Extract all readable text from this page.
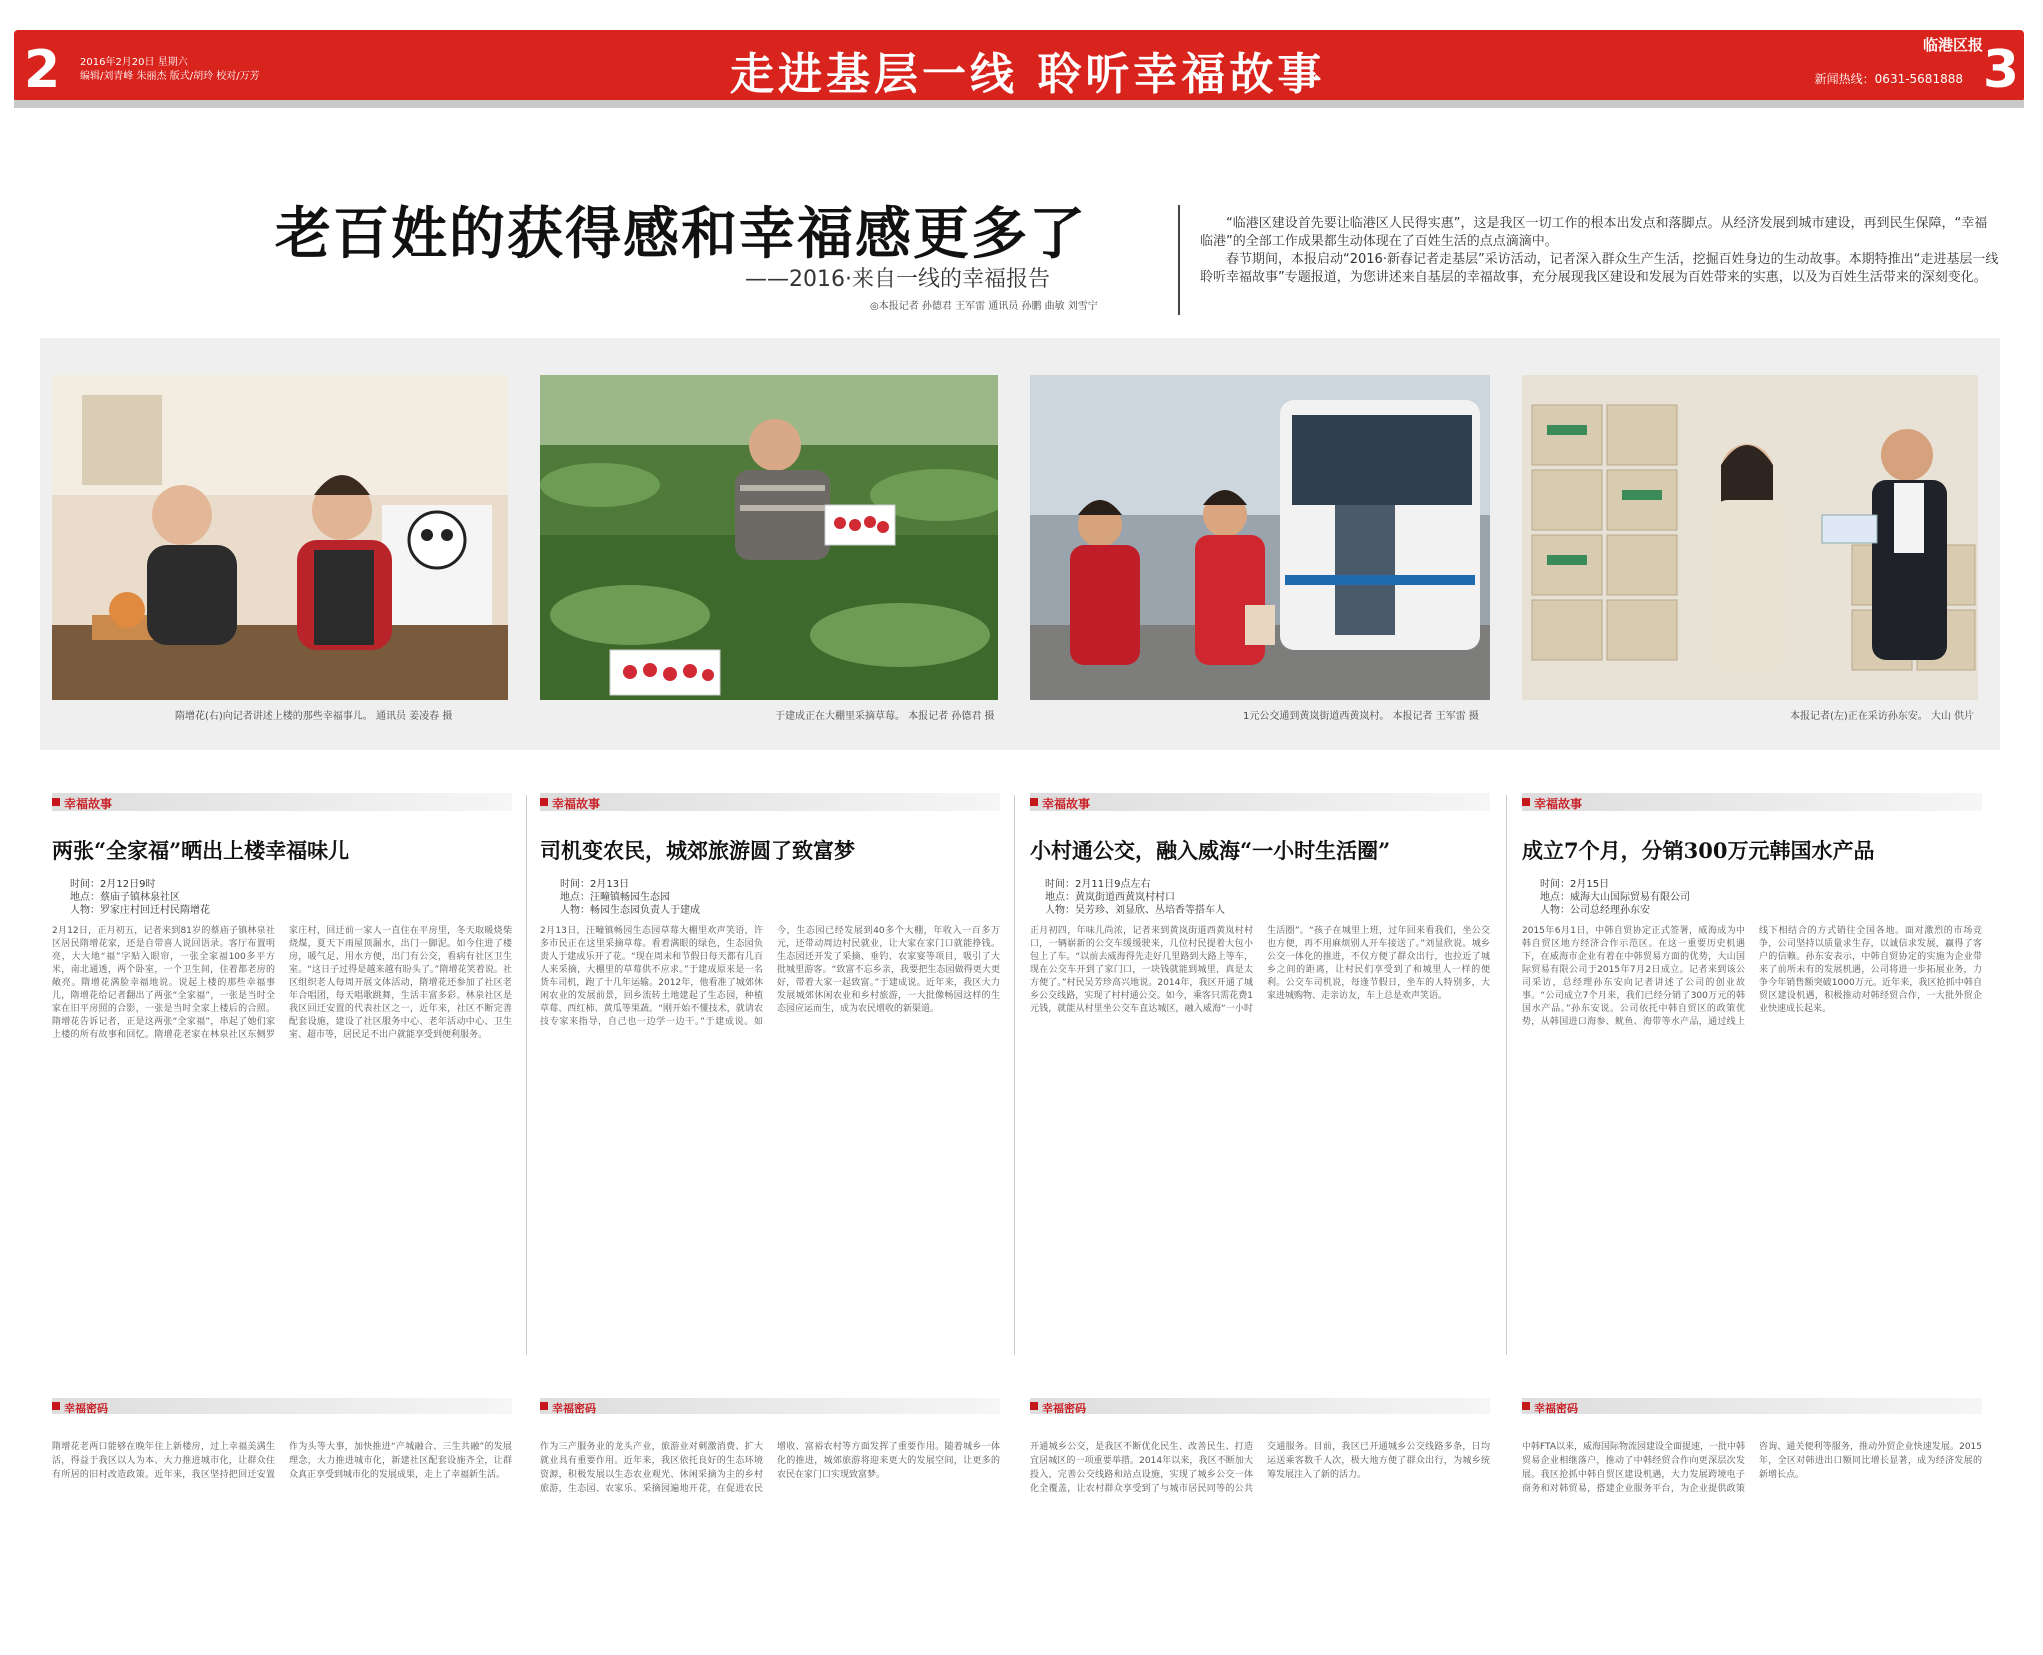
2	3
2016年2月20日 星期六
编辑/刘青峰 朱丽杰 版式/胡玲 校对/万芳	走进基层一线 聆听幸福故事
临港区报
新闻热线：0631-5681888
老百姓的获得感和幸福感更多了
——2016·来自一线的幸福报告
◎本报记者 孙德君 王军雷 通讯员 孙鹏 曲敏 刘雪宁
“临港区建设首先要让临港区人民得实惠”，这是我区一切工作的根本出发点和落脚点。从经济发展到城市建设，再到民生保障，“幸福临港”的全部工作成果都生动体现在了百姓生活的点点滴滴中。
春节期间，本报启动“2016·新春记者走基层”采访活动，记者深入群众生产生活，挖掘百姓身边的生动故事。本期特推出“走进基层一线 聆听幸福故事”专题报道，为您讲述来自基层的幸福故事，充分展现我区建设和发展为百姓带来的实惠，以及为百姓生活带来的深刻变化。
隋增花(右)向记者讲述上楼的那些幸福事儿。 通讯员 姜凌春 摄	于建成正在大棚里采摘草莓。 本报记者 孙德君 摄	1元公交通到黄岚街道西黄岚村。 本报记者 王军雷 摄	本报记者(左)正在采访孙东安。 大山 供片
幸福故事
两张“全家福”晒出上楼幸福味儿
时间：2月12日9时
地点：蔡庙子镇林泉社区
人物：罗家庄村回迁村民隋增花
2月12日，正月初五，记者来到81岁的蔡庙子镇林泉社区居民隋增花家，还是自带喜人说回语录。客厅布置明亮，大大地“福”字贴入眼帘，一张全家福100多平方米，南北通透，两个卧室，一个卫生间，住着都老房的敞亮。隋增花满脸幸福地说。说起上楼的那些幸福事儿，隋增花给记者翻出了两张“全家福”，一张是当时全家在旧平房照的合影，一张是当时全家上楼后的合照。隋增花告诉记者，正是这两张“全家福”，串起了她们家上楼的所有故事和回忆。隋增花老家在林泉社区东侧罗家庄村，回迁前一家人一直住在平房里，冬天取暖烧柴烧煤，夏天下雨屋顶漏水，出门一脚泥。如今住进了楼房，暖气足、用水方便，出门有公交，看病有社区卫生室。“这日子过得是越来越有盼头了。”隋增花笑着说。社区组织老人每周开展文体活动，隋增花还参加了社区老年合唱团，每天唱歌跳舞，生活丰富多彩。林泉社区是我区回迁安置的代表社区之一，近年来，社区不断完善配套设施，建设了社区服务中心、老年活动中心、卫生室、超市等，居民足不出户就能享受到便利服务。
幸福故事
司机变农民，城郊旅游圆了致富梦
时间：2月13日
地点：汪疃镇畅园生态园
人物：畅园生态园负责人于建成
2月13日，汪疃镇畅园生态园草莓大棚里欢声笑语，许多市民正在这里采摘草莓。看着满眼的绿色，生态园负责人于建成乐开了花。“现在周末和节假日每天都有几百人来采摘，大棚里的草莓供不应求。”于建成原来是一名货车司机，跑了十几年运输。2012年，他看准了城郊休闲农业的发展前景，回乡流转土地建起了生态园，种植草莓、西红柿、黄瓜等果蔬。“刚开始不懂技术，就请农技专家来指导，自己也一边学一边干。”于建成说。如今，生态园已经发展到40多个大棚，年收入一百多万元，还带动周边村民就业，让大家在家门口就能挣钱。生态园还开发了采摘、垂钓、农家宴等项目，吸引了大批城里游客。“致富不忘乡亲，我要把生态园做得更大更好，带着大家一起致富。”于建成说。近年来，我区大力发展城郊休闲农业和乡村旅游，一大批像畅园这样的生态园应运而生，成为农民增收的新渠道。
幸福故事
小村通公交，融入威海“一小时生活圈”
时间：2月11日9点左右
地点：黄岚街道西黄岚村村口
人物：吴芳珍、刘显欣、丛培香等搭车人
正月初四，年味儿尚浓，记者来到黄岚街道西黄岚村村口，一辆崭新的公交车缓缓驶来，几位村民提着大包小包上了车。“以前去威海得先走好几里路到大路上等车，现在公交车开到了家门口，一块钱就能到城里，真是太方便了。”村民吴芳珍高兴地说。2014年，我区开通了城乡公交线路，实现了村村通公交。如今，乘客只需花费1元钱，就能从村里坐公交车直达城区，融入威海“一小时生活圈”。“孩子在城里上班，过年回来看我们，坐公交也方便，再不用麻烦别人开车接送了。”刘显欣说。城乡公交一体化的推进，不仅方便了群众出行，也拉近了城乡之间的距离，让村民们享受到了和城里人一样的便利。公交车司机说，每逢节假日，坐车的人特别多，大家进城购物、走亲访友，车上总是欢声笑语。
幸福故事
成立7个月，分销300万元韩国水产品
时间：2月15日
地点：威海大山国际贸易有限公司
人物：公司总经理孙东安
2015年6月1日，中韩自贸协定正式签署，威海成为中韩自贸区地方经济合作示范区。在这一重要历史机遇下，在威海市企业有着在中韩贸易方面的优势，大山国际贸易有限公司于2015年7月2日成立。记者来到该公司采访，总经理孙东安向记者讲述了公司的创业故事。“公司成立7个月来，我们已经分销了300万元的韩国水产品。”孙东安说。公司依托中韩自贸区的政策优势，从韩国进口海参、鱿鱼、海带等水产品，通过线上线下相结合的方式销往全国各地。面对激烈的市场竞争，公司坚持以质量求生存，以诚信求发展，赢得了客户的信赖。孙东安表示，中韩自贸协定的实施为企业带来了前所未有的发展机遇，公司将进一步拓展业务，力争今年销售额突破1000万元。近年来，我区抢抓中韩自贸区建设机遇，积极推动对韩经贸合作，一大批外贸企业快速成长起来。
幸福密码
隋增花老两口能够在晚年住上新楼房，过上幸福美满生活，得益于我区以人为本、大力推进城市化，让群众住有所居的旧村改造政策。近年来，我区坚持把回迁安置作为头等大事，加快推进“产城融合、三生共融”的发展理念，大力推进城市化，新建社区配套设施齐全，让群众真正享受到城市化的发展成果，走上了幸福新生活。
幸福密码
作为三产服务业的龙头产业，旅游业对刺激消费、扩大就业具有重要作用。近年来，我区依托良好的生态环境资源，积极发展以生态农业观光、休闲采摘为主的乡村旅游，生态园、农家乐、采摘园遍地开花，在促进农民增收、富裕农村等方面发挥了重要作用。随着城乡一体化的推进，城郊旅游将迎来更大的发展空间，让更多的农民在家门口实现致富梦。
幸福密码
开通城乡公交，是我区不断优化民生、改善民生、打造宜居城区的一项重要举措。2014年以来，我区不断加大投入，完善公交线路和站点设施，实现了城乡公交一体化全覆盖，让农村群众享受到了与城市居民同等的公共交通服务。目前，我区已开通城乡公交线路多条，日均运送乘客数千人次，极大地方便了群众出行，为城乡统筹发展注入了新的活力。
幸福密码
中韩FTA以来，威海国际物流园建设全面提速，一批中韩贸易企业相继落户，推动了中韩经贸合作向更深层次发展。我区抢抓中韩自贸区建设机遇，大力发展跨境电子商务和对韩贸易，搭建企业服务平台，为企业提供政策咨询、通关便利等服务，推动外贸企业快速发展。2015年，全区对韩进出口额同比增长显著，成为经济发展的新增长点。
